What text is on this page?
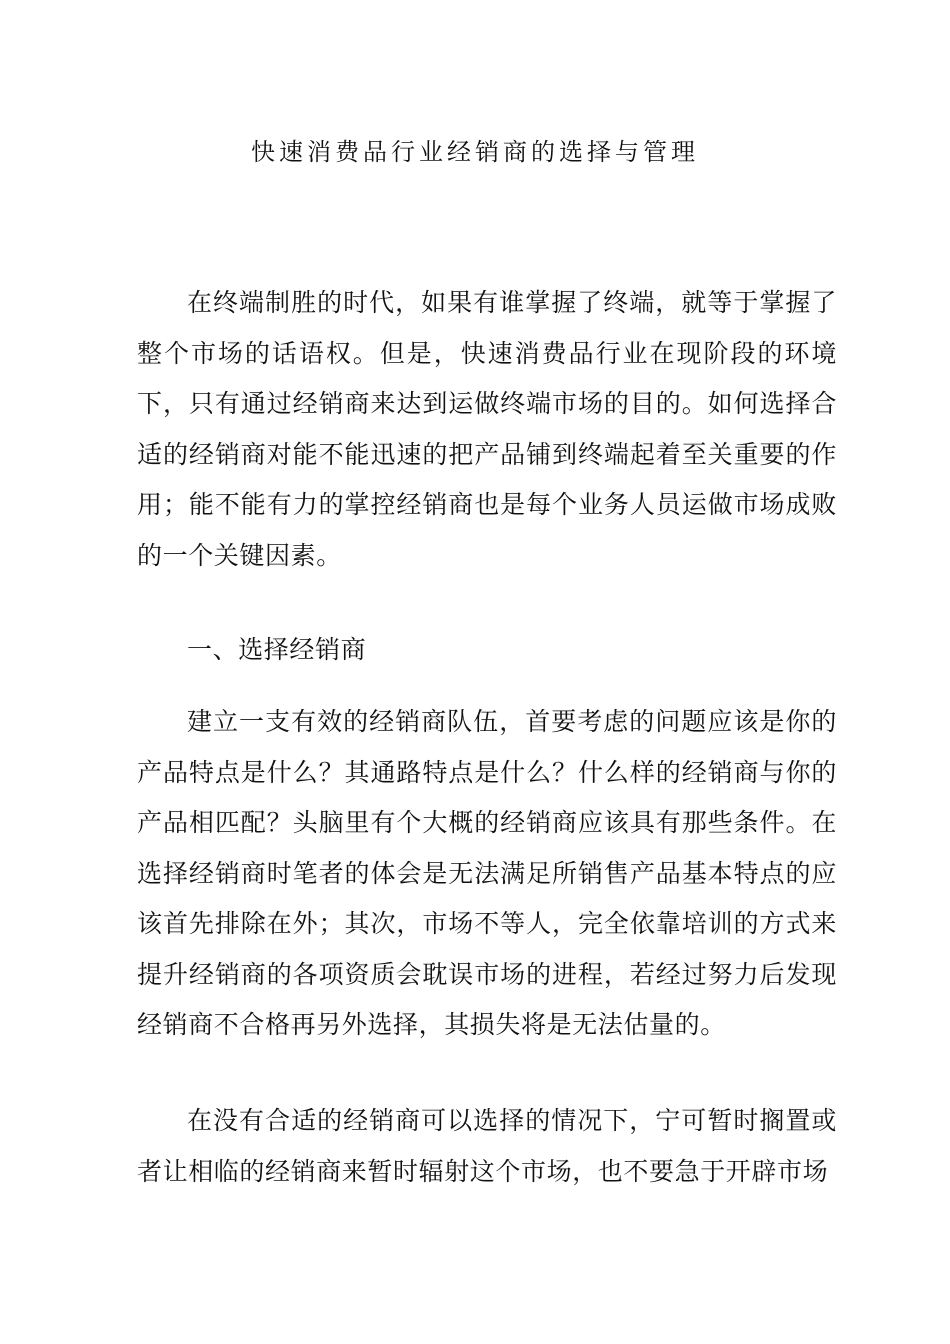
快速消费品行业经销商的选择与管理

在终端制胜的时代，如果有谁掌握了终端，就等于掌握了整个市场的话语权。但是，快速消费品行业在现阶段的环境下，只有通过经销商来达到运做终端市场的目的。如何选择合适的经销商对能不能迅速的把产品铺到终端起着至关重要的作用；能不能有力的掌控经销商也是每个业务人员运做市场成败的一个关键因素。

一、选择经销商

建立一支有效的经销商队伍，首要考虑的问题应该是你的产品特点是什么？其通路特点是什么？什么样的经销商与你的产品相匹配？头脑里有个大概的经销商应该具有那些条件。在选择经销商时笔者的体会是无法满足所销售产品基本特点的应该首先排除在外；其次，市场不等人，完全依靠培训的方式来提升经销商的各项资质会耽误市场的进程，若经过努力后发现经销商不合格再另外选择，其损失将是无法估量的。

在没有合适的经销商可以选择的情况下，宁可暂时搁置或者让相临的经销商来暂时辐射这个市场，也不要急于开辟市场
